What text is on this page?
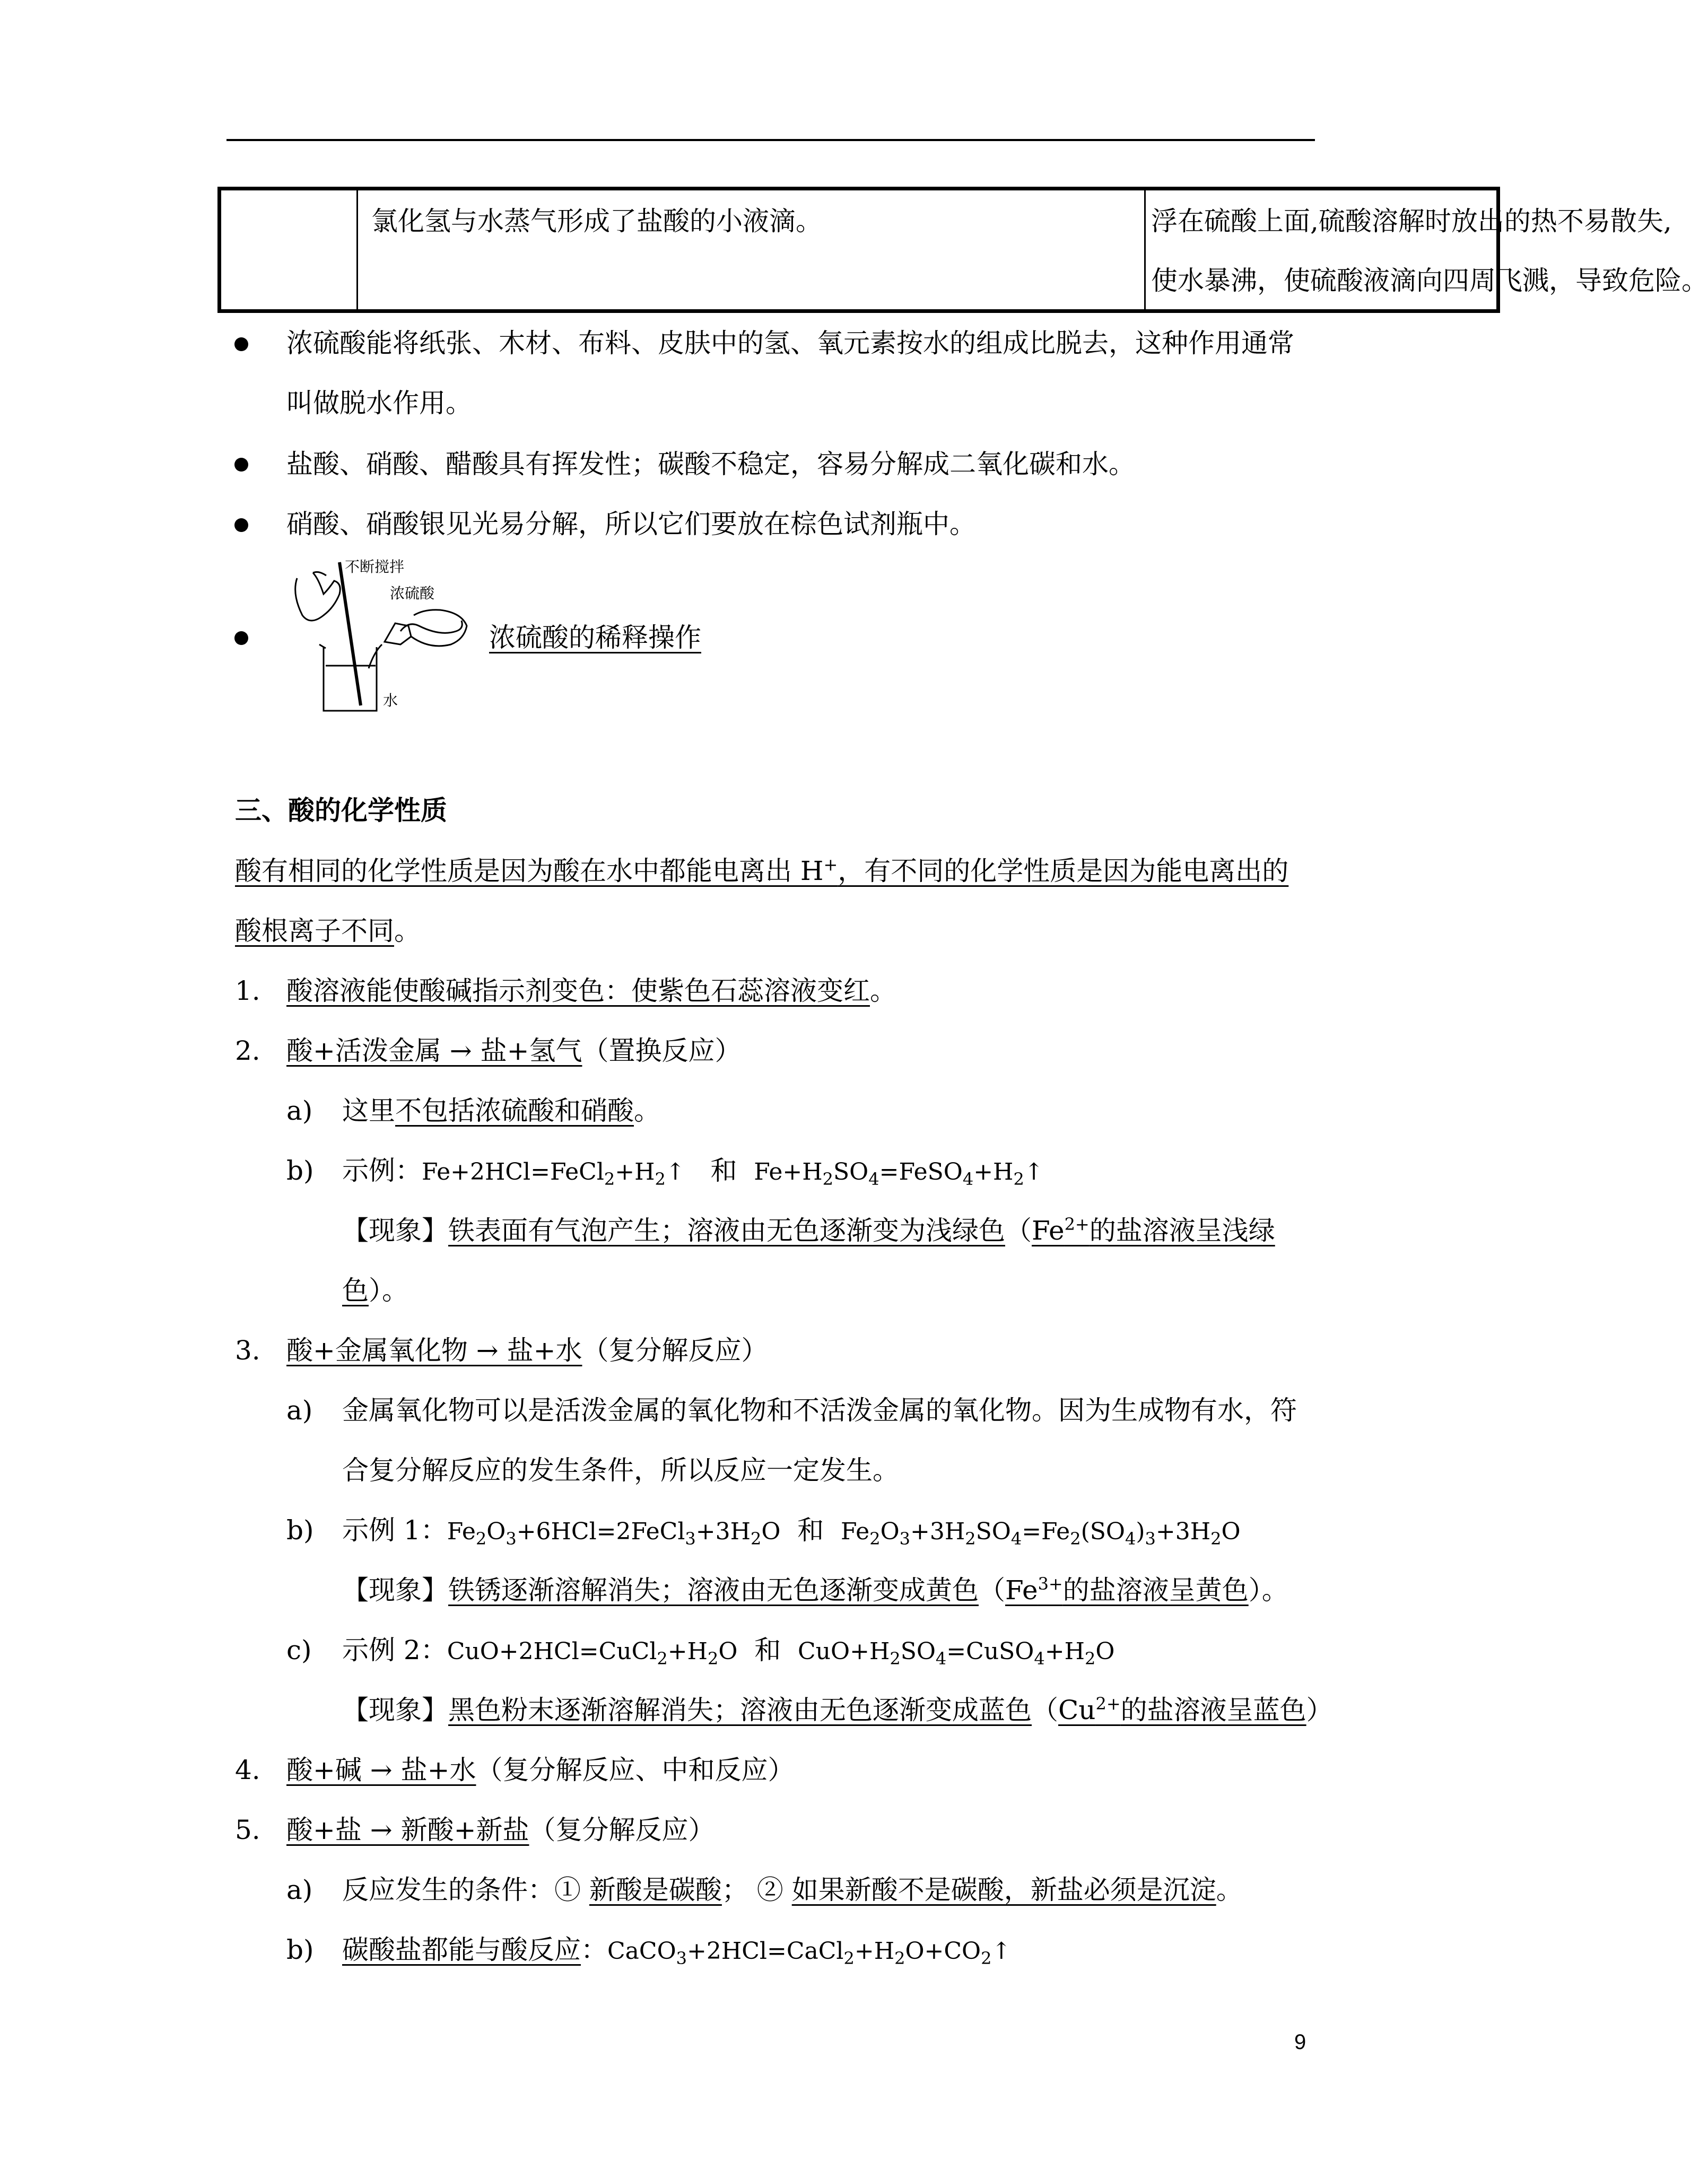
氯化氢与水蒸气形成了盐酸的小液滴。	浮在硫酸上面,硫酸溶解时放出的热不易散失,
使水暴沸，使硫酸液滴向四周飞溅，导致危险。
浓硫酸能将纸张、木材、布料、皮肤中的氢、氧元素按水的组成比脱去，这种作用通常
叫做脱水作用。
盐酸、硝酸、醋酸具有挥发性；碳酸不稳定，容易分解成二氧化碳和水。
硝酸、硝酸银见光易分解，所以它们要放在棕色试剂瓶中。
不断搅拌
浓硫酸
水
浓硫酸的稀释操作
三、酸的化学性质
酸有相同的化学性质是因为酸在水中都能电离出 H+，有不同的化学性质是因为能电离出的
酸根离子不同。
1. 酸溶液能使酸碱指示剂变色：使紫色石蕊溶液变红。
2. 酸+活泼金属 → 盐+氢气（置换反应）
a) 这里不包括浓硫酸和硝酸。
b) 示例：$Fe+2HCl=FeCl_2+H_2↑$ 和 $Fe+H_2SO_4=FeSO_4+H_2↑$
【现象】铁表面有气泡产生；溶液由无色逐渐变为浅绿色（$Fe^{2+}$的盐溶液呈浅绿
色）。
3. 酸+金属氧化物 → 盐+水（复分解反应）
a) 金属氧化物可以是活泼金属的氧化物和不活泼金属的氧化物。因为生成物有水，符
合复分解反应的发生条件，所以反应一定发生。
b) 示例 1：$Fe_2O_3+6HCl=2FeCl_3+3H_2O$ 和 $Fe_2O_3+3H_2SO_4=Fe_2(SO_4)_3+3H_2O$
【现象】铁锈逐渐溶解消失；溶液由无色逐渐变成黄色（$Fe^{3+}$的盐溶液呈黄色）。
c) 示例 2：$CuO+2HCl=CuCl_2+H_2O$ 和 $CuO+H_2SO_4=CuSO_4+H_2O$
【现象】黑色粉末逐渐溶解消失；溶液由无色逐渐变成蓝色（$Cu^{2+}$的盐溶液呈蓝色）
4. 酸+碱 → 盐+水（复分解反应、中和反应）
5. 酸+盐 → 新酸+新盐（复分解反应）
a) 反应发生的条件：① 新酸是碳酸； ② 如果新酸不是碳酸，新盐必须是沉淀。
b) 碳酸盐都能与酸反应：$CaCO_3+2HCl=CaCl_2+H_2O+CO_2↑$
9
